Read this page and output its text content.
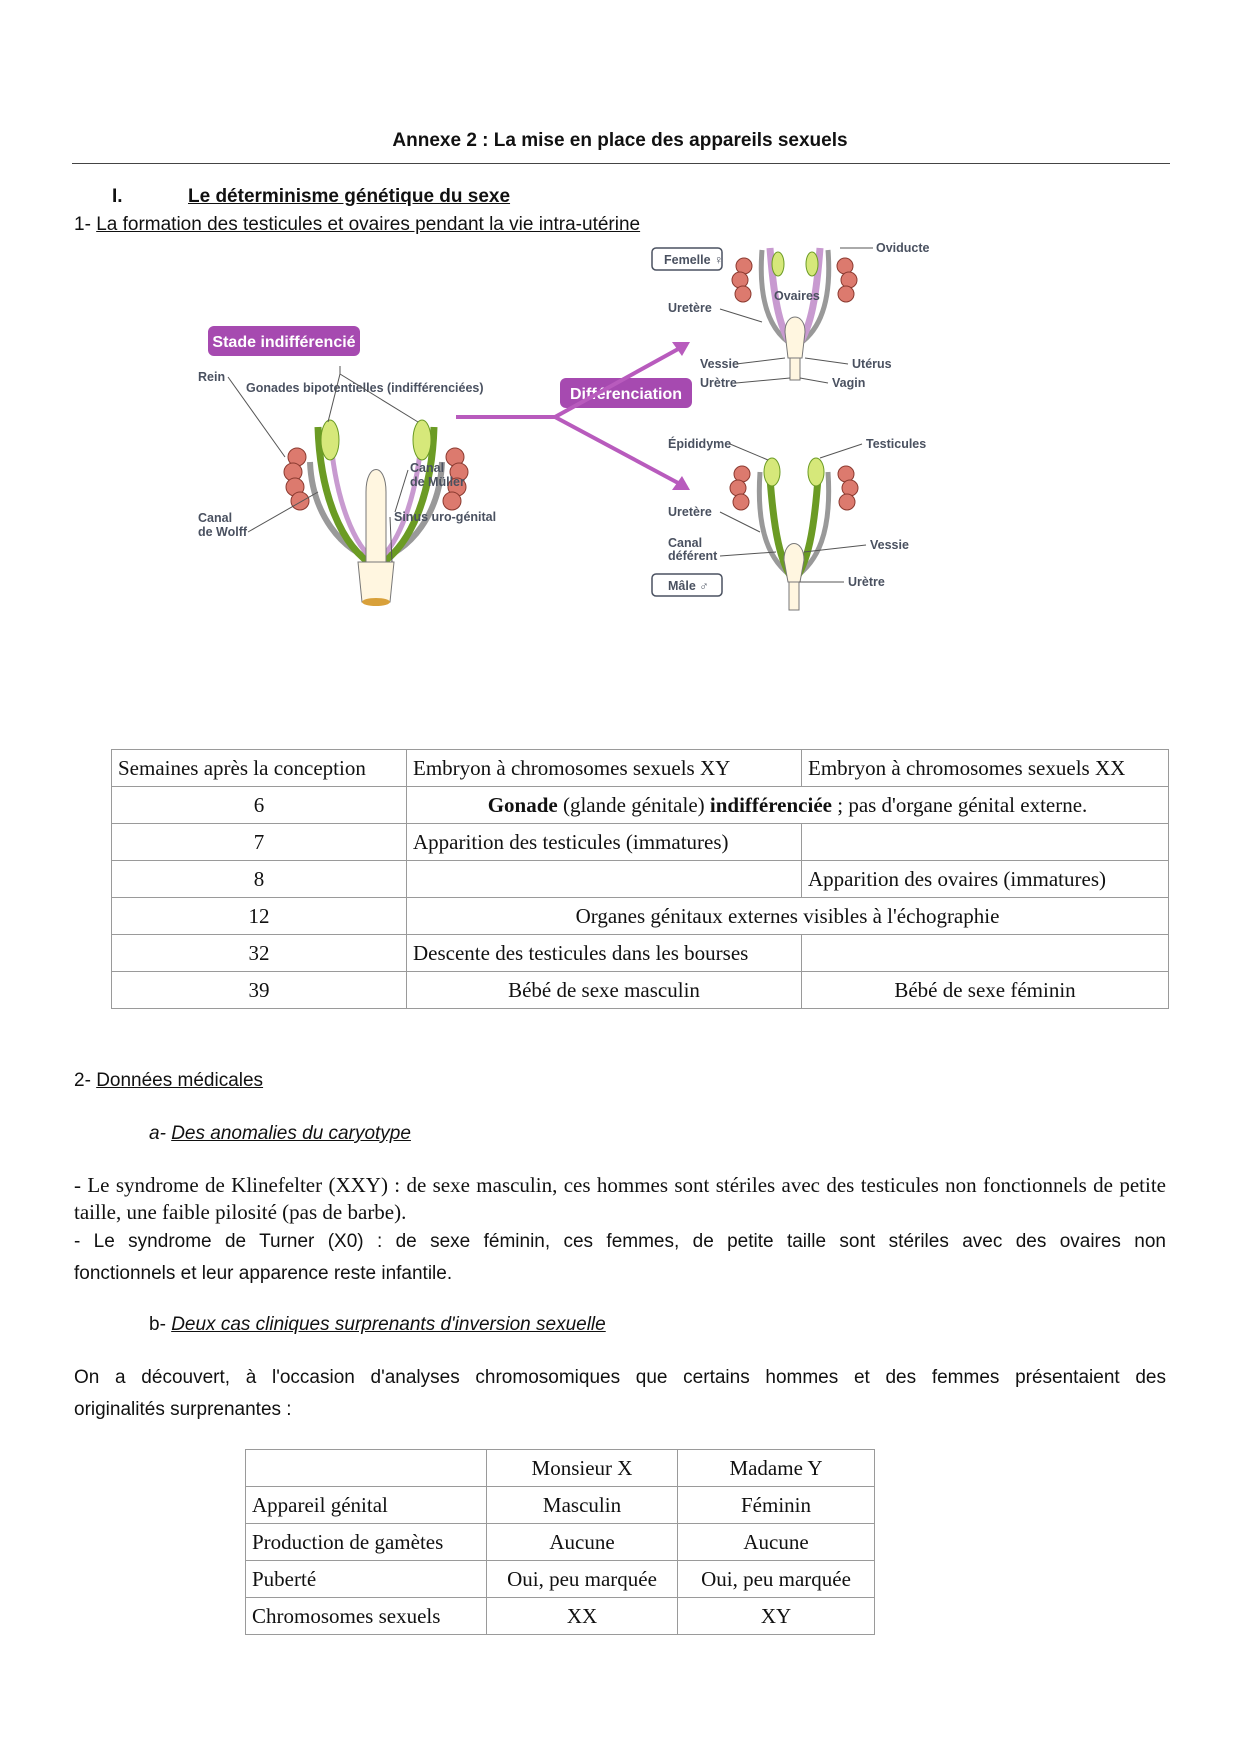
Annexe 2 : La mise en place des appareils sexuels
I.	Le déterminisme génétique du sexe
1- La formation des testicules et ovaires pendant la vie intra-utérine
Stade indifférencié
Différenciation
Gonades bipotentielles (indifférenciées)
Rein
Canal
de Müller
Canal
de Wolff
Sinus uro-génital
Femelle ♀
Oviducte
Ovaires
Uretère
Vessie
Urètre
Utérus
Vagin
Épididyme	Testicules
Uretère
Canal
déférent
Vessie
Mâle ♂	Urètre
Semaines après la conception	Embryon à chromosomes sexuels XY	Embryon à chromosomes sexuels XX
6	Gonade (glande génitale) indifférenciée ; pas d'organe génital externe.	
7	Apparition des testicules (immatures)	
8		Apparition des ovaires (immatures)
12	Organes génitaux externes visibles à l'échographie	
32	Descente des testicules dans les bourses	
39	Bébé de sexe masculin	Bébé de sexe féminin
2- Données médicales
a- Des anomalies du caryotype
- Le syndrome de Klinefelter (XXY) : de sexe masculin, ces hommes sont stériles avec des testicules non fonctionnels de petite taille, une faible pilosité (pas de barbe).
- Le syndrome de Turner (X0) : de sexe féminin, ces femmes, de petite taille sont stériles avec des ovaires non
fonctionnels et leur apparence reste infantile.
b- Deux cas cliniques surprenants d'inversion sexuelle
On a découvert, à l'occasion d'analyses chromosomiques que certains hommes et des femmes présentaient des
originalités surprenantes :
	Monsieur X	Madame Y
Appareil génital	Masculin	Féminin
Production de gamètes	Aucune	Aucune
Puberté	Oui, peu marquée	Oui, peu marquée
Chromosomes sexuels	XX	XY
